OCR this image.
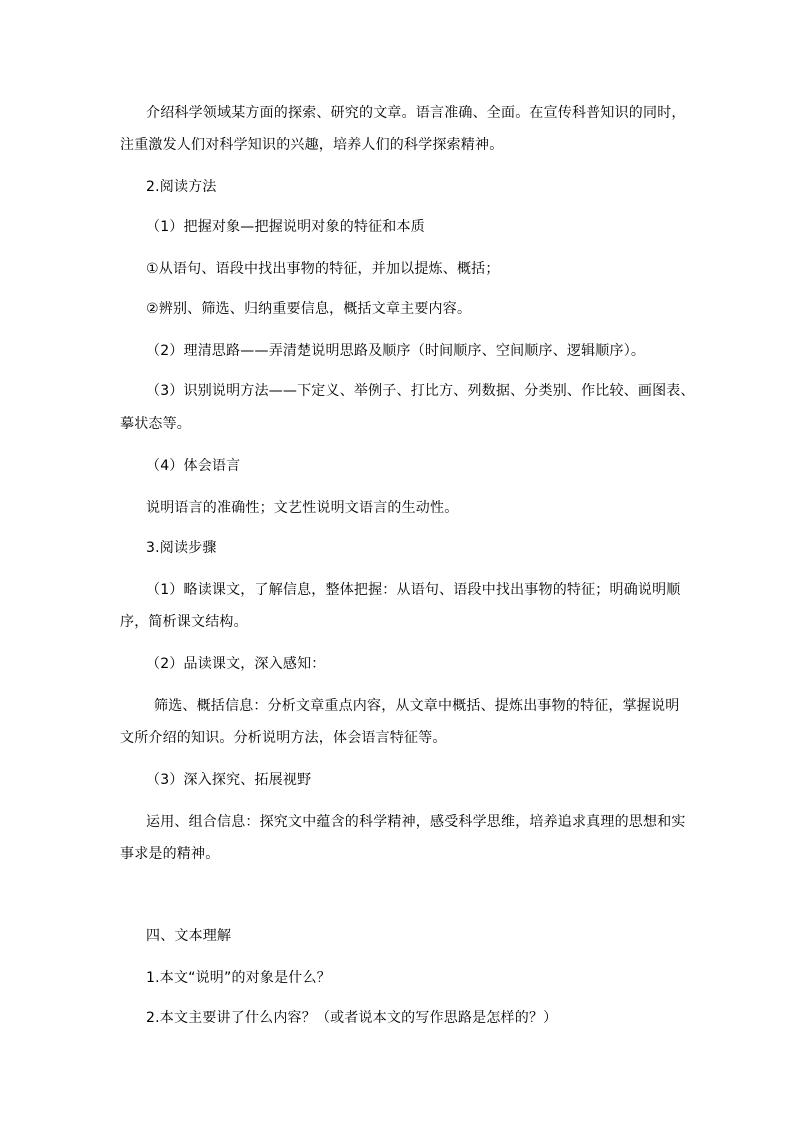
介绍科学领域某方面的探索、研究的文章。语言准确、全面。在宣传科普知识的同时，
注重激发人们对科学知识的兴趣，培养人们的科学探索精神。
2.阅读方法
（1）把握对象—把握说明对象的特征和本质
①从语句、语段中找出事物的特征，并加以提炼、概括；
②辨别、筛选、归纳重要信息，概括文章主要内容。
（2）理清思路——弄清楚说明思路及顺序（时间顺序、空间顺序、逻辑顺序）。
（3）识别说明方法——下定义、举例子、打比方、列数据、分类别、作比较、画图表、
摹状态等。
（4）体会语言
说明语言的准确性；文艺性说明文语言的生动性。
3.阅读步骤
（1）略读课文，了解信息，整体把握：从语句、语段中找出事物的特征；明确说明顺
序，简析课文结构。
（2）品读课文，深入感知：
筛选、概括信息：分析文章重点内容，从文章中概括、提炼出事物的特征，掌握说明
文所介绍的知识。分析说明方法，体会语言特征等。
（3）深入探究、拓展视野
运用、组合信息：探究文中蕴含的科学精神，感受科学思维，培养追求真理的思想和实
事求是的精神。
四、文本理解
1.本文“说明”的对象是什么？
2.本文主要讲了什么内容？（或者说本文的写作思路是怎样的？）
